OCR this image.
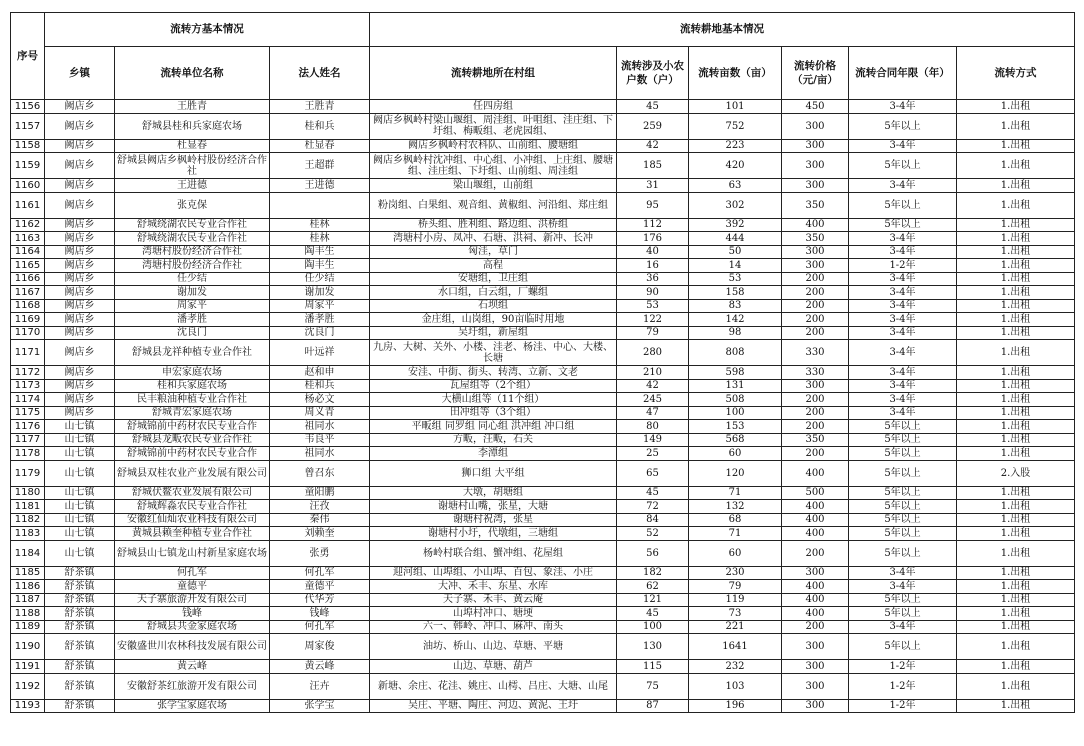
序号	流转方基本情况			流转耕地基本情况					
	乡镇	流转单位名称	法人姓名	流转耕地所在村组	流转涉及小农户数（户）	流转亩数（亩）	流转价格（元/亩）	流转合同年限（年）	流转方式
1156	阙店乡	王胜青	王胜青	任四房组	45	101	450	3-4年	1.出租
1157	阙店乡	舒城县桂和兵家庭农场	桂和兵	阙店乡枫岭村梁山堰组、周洼组、叶咀组、洼庄组、下圩组、梅畈组、老虎园组、	259	752	300	5年以上	1.出租
1158	阙店乡	杜显春	杜显春	阙店乡枫岭村农科队、山前组、腰塘组	42	223	300	3-4年	1.出租
1159	阙店乡	舒城县阙店乡枫岭村股份经济合作社	王超群	阙店乡枫岭村沈冲组、中心组、小冲组、上庄组、腰塘组、洼庄组、下圩组、山前组、周洼组	185	420	300	5年以上	1.出租
1160	阙店乡	王进德	王进德	梁山堰组，山前组	31	63	300	3-4年	1.出租
1161	阙店乡	张克保		粉岗组、白果组、观音组、黄椒组、河沿组、郑庄组	95	302	350	5年以上	1.出租
1162	阙店乡	舒城绕湖农民专业合作社	桂林	桥头组、胜利组、路边组、洪桥组	112	392	400	5年以上	1.出租
1163	阙店乡	舒城绕湖农民专业合作社	桂林	湾塘村小房、凤冲、石塘、洪祠、新冲、长冲	176	444	350	3-4年	1.出租
1164	阙店乡	湾塘村股份经济合作社	陶丰生	匈洼，草门	40	50	300	3-4年	1.出租
1165	阙店乡	湾塘村股份经济合作社	陶丰生	高程	16	14	300	1-2年	1.出租
1166	阙店乡	任少结	任少结	安塘组，卫庄组	36	53	200	3-4年	1.出租
1167	阙店乡	谢加发	谢加发	水口组，白云组，厂螺组	90	158	200	3-4年	1.出租
1168	阙店乡	周家平	周家平	石坝组	53	83	200	3-4年	1.出租
1169	阙店乡	潘孝胜	潘孝胜	金庄组，山岗组，90亩临时用地	122	142	200	3-4年	1.出租
1170	阙店乡	沈良门	沈良门	吴圩组，新屋组	79	98	200	3-4年	1.出租
1171	阙店乡	舒城县龙祥种植专业合作社	叶远祥	九房、大树、关外、小楼、洼老、杨洼、中心、大楼、长塘	280	808	330	3-4年	1.出租
1172	阙店乡	申宏家庭农场	赵和申	安洼、中街、街头、转湾、立新、文老	210	598	330	3-4年	1.出租
1173	阙店乡	桂和兵家庭农场	桂和兵	瓦屋组等（2个组）	42	131	300	3-4年	1.出租
1174	阙店乡	民丰粮油种植专业合作社	杨必文	大横山组等（11个组）	245	508	200	3-4年	1.出租
1175	阙店乡	舒城青宏家庭农场	周义青	田冲组等（3个组）	47	100	200	3-4年	1.出租
1176	山七镇	舒城锦前中药材农民专业合作	祖同水	平畈组 同罗组 同心组 洪冲组 冲口组	80	153	200	5年以上	1.出租
1177	山七镇	舒城县龙畈农民专业合作社	韦良平	方畈，汪畈，石关	149	568	350	5年以上	1.出租
1178	山七镇	舒城锦前中药材农民专业合作	祖同水	李潭组	25	60	200	5年以上	1.出租
1179	山七镇	舒城县双桂农业产业发展有限公司	曾召东	狮口组 大平组	65	120	400	5年以上	2.入股
1180	山七镇	舒城伏鳌农业发展有限公司	童阳鹏	大墩，胡塘组	45	71	500	5年以上	1.出租
1181	山七镇	舒城辉淼农民专业合作社	汪孜	谢塘村山嘴，张星，大塘	72	132	400	5年以上	1.出租
1182	山七镇	安徽红仙灿农业科技有限公司	秦伟	谢塘村祝湾，张星	84	68	400	5年以上	1.出租
1183	山七镇	黄城县赖奎种植专业合作社	刘赖奎	谢塘村小圩，代墩组，三塘组	52	71	400	5年以上	1.出租
1184	山七镇	舒城县山七镇龙山村新星家庭农场	张勇	杨岭村联合组、蟹冲组、花屋组	56	60	200	5年以上	1.出租
1185	舒茶镇	何孔军	何孔军	迎河组、山埠组、小山埠、百包、象洼、小庄	182	230	300	3-4年	1.出租
1186	舒茶镇	童德平	童德平	大冲、禾丰、东星、水库	62	79	400	3-4年	1.出租
1187	舒茶镇	天子寨旅游开发有限公司	代华芳	天子寨、禾丰、黄云庵	121	119	400	5年以上	1.出租
1188	舒茶镇	钱峰	钱峰	山埠村冲口、塘埂	45	73	400	5年以上	1.出租
1189	舒茶镇	舒城县共金家庭农场	何孔军	六一、韩岭、冲口、麻冲、南头	100	221	200	3-4年	1.出租
1190	舒茶镇	安徽盛世川农林科技发展有限公司	周家俊	油坊、桥山、山边、草塘、平塘	130	1641	300	5年以上	1.出租
1191	舒茶镇	黄云峰	黄云峰	山边、草塘、葫芦	115	232	300	1-2年	1.出租
1192	舒茶镇	安徽舒茶红旅游开发有限公司	汪卉	新塘、余庄、花洼、姚庄、山樗、吕庄、大塘、山尾	75	103	300	1-2年	1.出租
1193	舒茶镇	张学宝家庭农场	张学宝	吴庄、平塘、陶庄、河边、黄泥、王圩	87	196	300	1-2年	1.出租
